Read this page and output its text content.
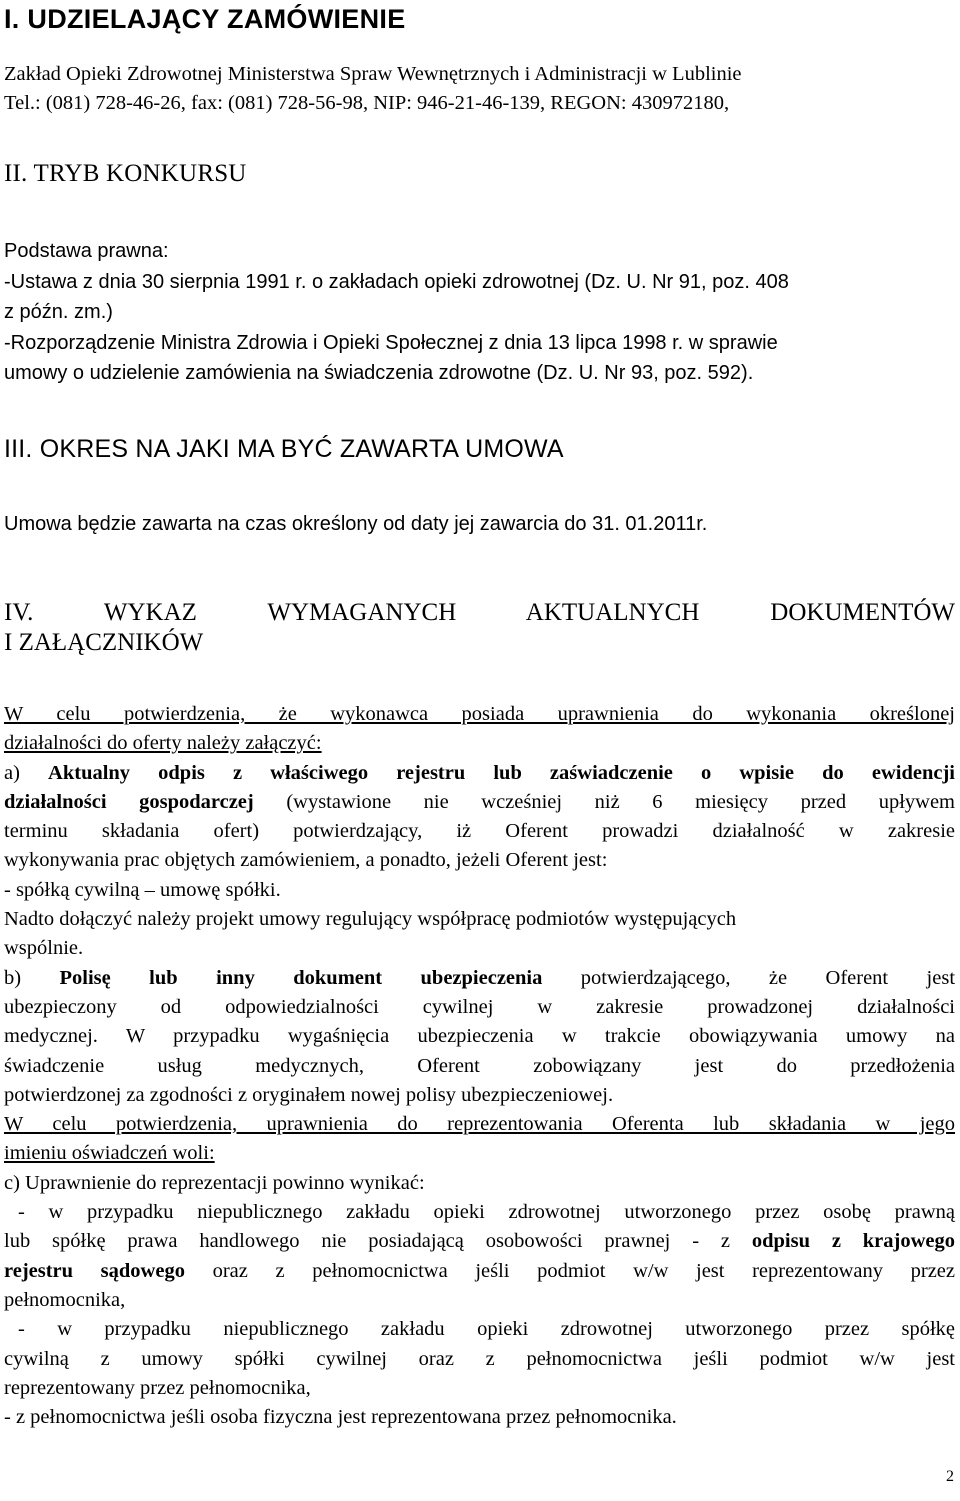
I. UDZIELAJĄCY ZAMÓWIENIE
Zakład Opieki Zdrowotnej Ministerstwa Spraw Wewnętrznych i Administracji w Lublinie
Tel.: (081) 728-46-26, fax: (081) 728-56-98, NIP: 946-21-46-139, REGON: 430972180,
II. TRYB KONKURSU
Podstawa prawna:
-Ustawa z dnia 30 sierpnia 1991 r. o zakładach opieki zdrowotnej (Dz. U. Nr 91, poz. 408
z późn. zm.)
-Rozporządzenie Ministra Zdrowia i Opieki Społecznej z dnia 13 lipca 1998 r. w sprawie
umowy o udzielenie zamówienia na świadczenia zdrowotne (Dz. U. Nr 93, poz. 592).
III. OKRES NA JAKI MA BYĆ ZAWARTA UMOWA
Umowa będzie zawarta na czas określony od daty jej zawarcia do 31. 01.2011r.
IV. WYKAZ WYMAGANYCH AKTUALNYCH DOKUMENTÓW
I ZAŁĄCZNIKÓW
W celu potwierdzenia, że wykonawca posiada uprawnienia do wykonania określonej
działalności do oferty należy załączyć:
a) Aktualny odpis z właściwego rejestru lub zaświadczenie o wpisie do ewidencji
działalności gospodarczej (wystawione nie wcześniej niż 6 miesięcy przed upływem
terminu składania ofert) potwierdzający, iż Oferent prowadzi działalność w zakresie
wykonywania prac objętych zamówieniem, a ponadto, jeżeli Oferent jest:
- spółką cywilną – umowę spółki.
Nadto dołączyć należy projekt umowy regulujący współpracę podmiotów występujących
wspólnie.
b) Polisę lub inny dokument ubezpieczenia potwierdzającego, że Oferent jest
ubezpieczony od odpowiedzialności cywilnej w zakresie prowadzonej działalności
medycznej. W przypadku wygaśnięcia ubezpieczenia w trakcie obowiązywania umowy na
świadczenie usług medycznych, Oferent zobowiązany jest do przedłożenia
potwierdzonej za zgodności z oryginałem nowej polisy ubezpieczeniowej.
W celu potwierdzenia, uprawnienia do reprezentowania Oferenta lub składania w jego
imieniu oświadczeń woli:
c) Uprawnienie do reprezentacji powinno wynikać:
- w przypadku niepublicznego zakładu opieki zdrowotnej utworzonego przez osobę prawną
lub spółkę prawa handlowego nie posiadającą osobowości prawnej - z odpisu z krajowego
rejestru sądowego oraz z pełnomocnictwa jeśli podmiot w/w jest reprezentowany przez
pełnomocnika,
- w przypadku niepublicznego zakładu opieki zdrowotnej utworzonego przez spółkę
cywilną z umowy spółki cywilnej oraz z pełnomocnictwa jeśli podmiot w/w jest
reprezentowany przez pełnomocnika,
- z pełnomocnictwa jeśli osoba fizyczna jest reprezentowana przez pełnomocnika.
2
